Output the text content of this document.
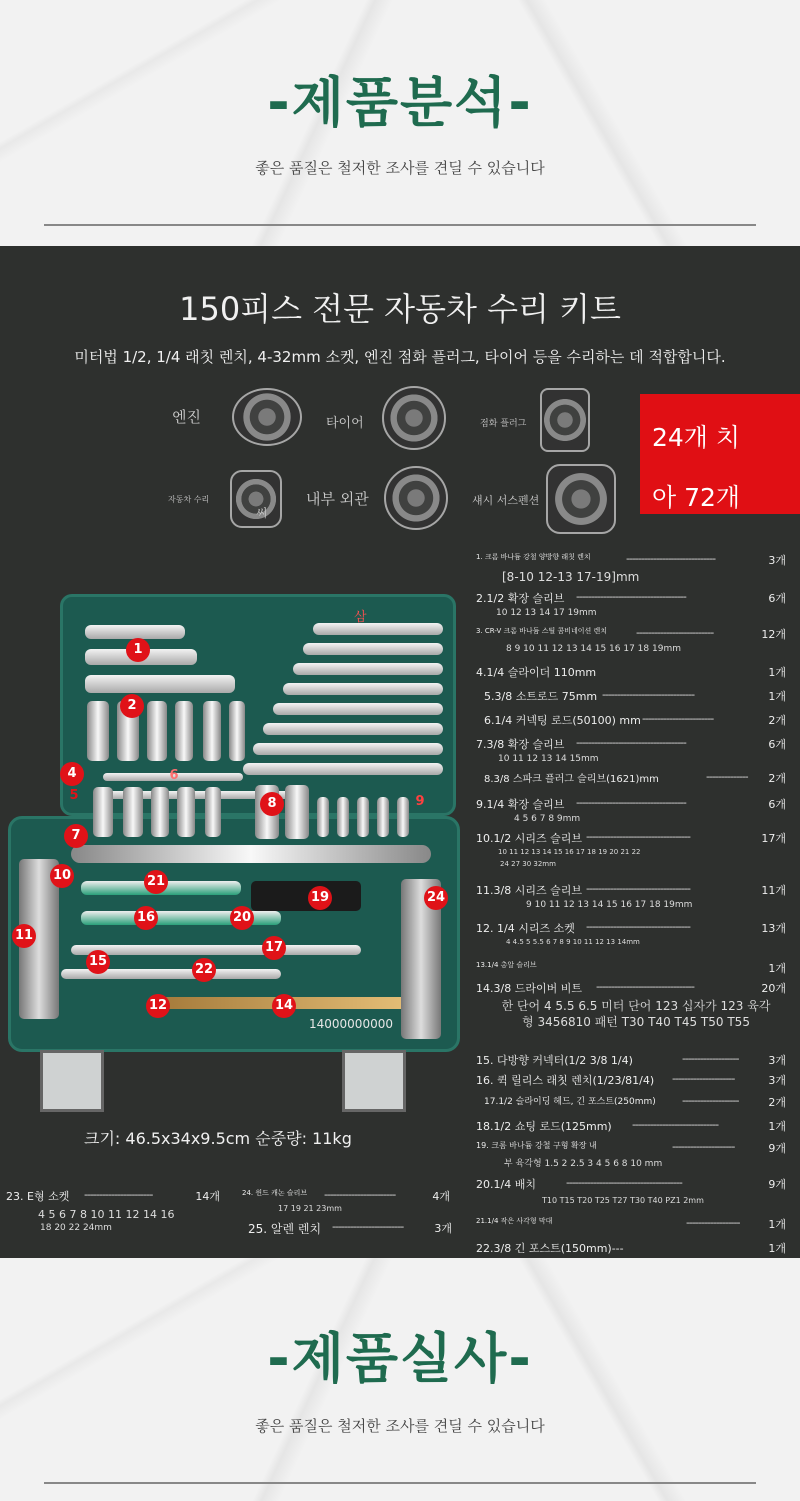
-제품분석-
좋은 품질은 철저한 조사를 견딜 수 있습니다
150피스 전문 자동차 수리 키트
미터법 1/2, 1/4 래칫 렌치, 4-32mm 소켓, 엔진 점화 플러그, 타이어 등을 수리하는 데 적합합니다.
엔진	타이어	점화 플러그
자동차 수리
씨
내부 외관	섀시 서스펜션
24개 치
아 72개
14000000000
삼
1
2
4
5
6
7
8	9
10
11
12	14
15
16
17
19
20
21
22
24
1. 크롬 바나듐 강철 양방향 래칫 렌치	------------------------------	3개
[8-10 12-13 17-19]mm
2.1/2 확장 슬리브 -------------------------------------	6개
10 12 13 14 17 19mm
3. CR-V 크롬 바나듐 스틸 콤비네이션 렌치	--------------------------	12개
8 9 10 11 12 13 14 15 16 17 18 19mm
4.1/4 슬라이더 110mm	1개
5.3/8 소트로드 75mm -------------------------------	1개
6.1/4 커넥팅 로드(50100) mm ------------------------	2개
7.3/8 확장 슬리브 -------------------------------------	6개
10 11 12 13 14 15mm
8.3/8 스파크 플러그 슬리브(1621)mm	-------------- 2개
9.1/4 확장 슬리브 -------------------------------------	6개
4 5 6 7 8 9mm
10.1/2 시리즈 슬리브 -----------------------------------	17개
10 11 12 13 14 15 16 17 18 19 20 21 22
24 27 30 32mm
11.3/8 시리즈 슬리브 -----------------------------------	11개
9 10 11 12 13 14 15 16 17 18 19mm
12. 1/4 시리즈 소켓 -----------------------------------	13개
4 4.5 5 5.5 6 7 8 9 10 11 12 13 14mm
13.1/4 총알 슬리브	1개
14.3/8 드라이버 비트 ---------------------------------	20개
한 단어 4 5.5 6.5 미터 단어 123 십자가 123 육각형 3456810 패턴 T30 T40 T45 T50 T55
15. 다방향 커넥터(1/2 3/8 1/4)	-------------------	3개
16. 퀵 릴리스 래칫 렌치(1/23/81/4) ---------------------	3개
17.1/2 슬라이딩 헤드, 긴 포스트(250mm) -------------------	2개
18.1/2 쇼팅 로드(125mm) -----------------------------	1개
19. 크롬 바나듐 강철 구형 확장 내	---------------------	9개
부 육각형 1.5 2 2.5 3 4 5 6 8 10 mm
20.1/4 배치	---------------------------------------	9개
T10 T15 T20 T25 T27 T30 T40 PZ1 2mm
21.1/4 작은 사각형 막대	------------------	1개
22.3/8 긴 포스트(150mm)---	1개
크기: 46.5x34x9.5cm 순중량: 11kg
23. E형 소켓 -----------------------	14개
4 5 6 7 8 10 11 12 14 16
18 20 22 24mm
24. 윈드 캐논 슬리브 ------------------------	4개
17 19 21 23mm
25. 알렌 렌치 ------------------------	3개
-제품실사-
좋은 품질은 철저한 조사를 견딜 수 있습니다
